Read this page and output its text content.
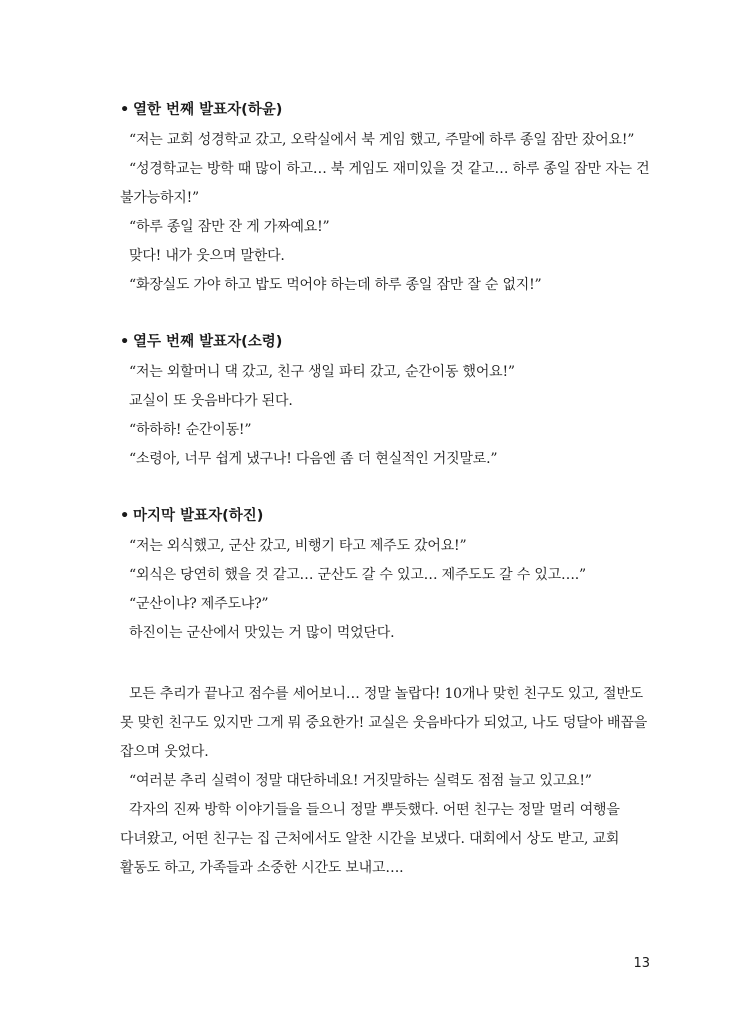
• 열한 번째 발표자(하윤)

“저는 교회 성경학교 갔고, 오락실에서 북 게임 했고, 주말에 하루 종일 잠만 잤어요!”

“성경학교는 방학 때 많이 하고… 북 게임도 재미있을 것 같고… 하루 종일 잠만 자는 건 불가능하지!”

“하루 종일 잠만 잔 게 가짜예요!”

맞다! 내가 웃으며 말한다.

“화장실도 가야 하고 밥도 먹어야 하는데 하루 종일 잠만 잘 순 없지!”

• 열두 번째 발표자(소령)

“저는 외할머니 댁 갔고, 친구 생일 파티 갔고, 순간이동 했어요!”

교실이 또 웃음바다가 된다.

“하하하! 순간이동!”

“소령아, 너무 쉽게 냈구나! 다음엔 좀 더 현실적인 거짓말로.”

• 마지막 발표자(하진)

“저는 외식했고, 군산 갔고, 비행기 타고 제주도 갔어요!”

“외식은 당연히 했을 것 같고… 군산도 갈 수 있고… 제주도도 갈 수 있고….”

“군산이냐? 제주도냐?”

하진이는 군산에서 맛있는 거 많이 먹었단다.

모든 추리가 끝나고 점수를 세어보니… 정말 놀랍다! 10개나 맞힌 친구도 있고, 절반도 못 맞힌 친구도 있지만 그게 뭐 중요한가! 교실은 웃음바다가 되었고, 나도 덩달아 배꼽을 잡으며 웃었다.

“여러분 추리 실력이 정말 대단하네요! 거짓말하는 실력도 점점 늘고 있고요!”

각자의 진짜 방학 이야기들을 들으니 정말 뿌듯했다. 어떤 친구는 정말 멀리 여행을 다녀왔고, 어떤 친구는 집 근처에서도 알찬 시간을 보냈다. 대회에서 상도 받고, 교회 활동도 하고, 가족들과 소중한 시간도 보내고….

13
